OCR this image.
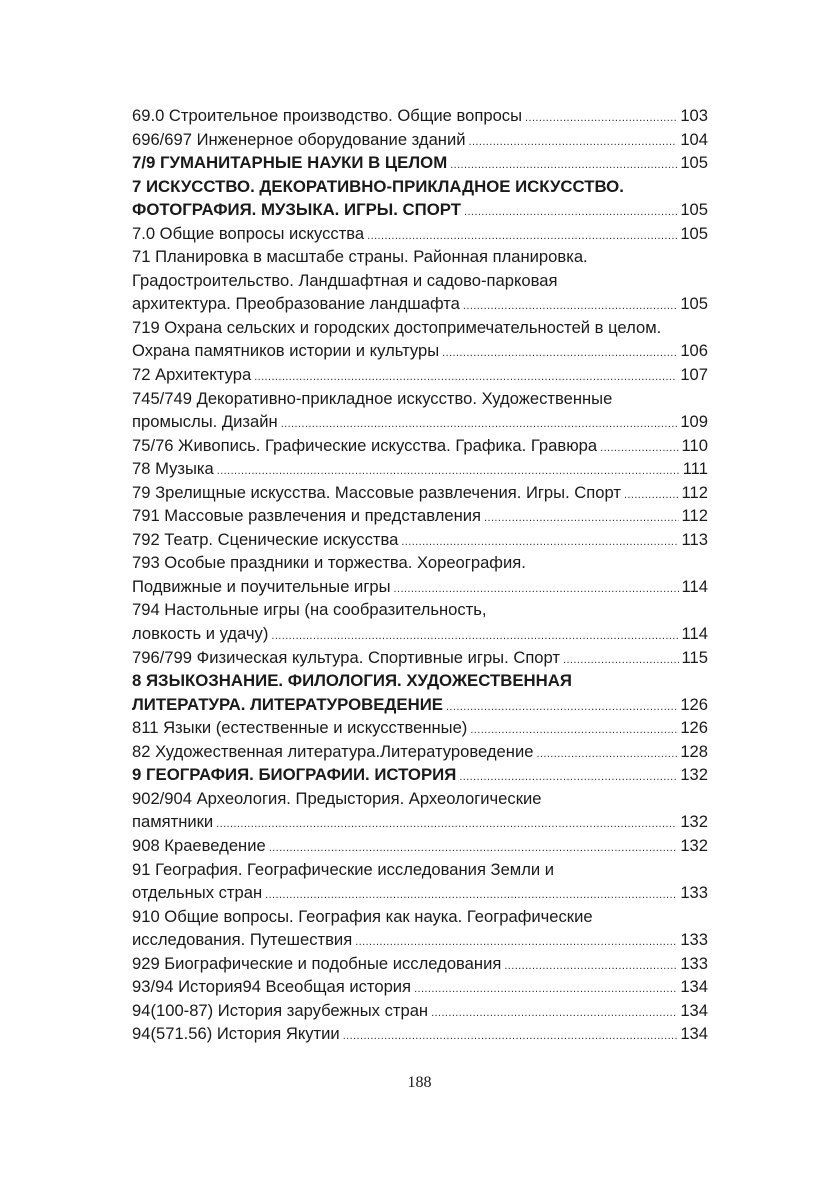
69.0 Строительное производство. Общие вопросы .....	103
696/697 Инженерное оборудование зданий .....	104
7/9 ГУМАНИТАРНЫЕ НАУКИ В ЦЕЛОМ .....	105
7 ИСКУССТВО. ДЕКОРАТИВНО-ПРИКЛАДНОЕ ИСКУССТВО.
ФОТОГРАФИЯ. МУЗЫКА. ИГРЫ. СПОРТ .....	105
7.0 Общие вопросы искусства .....	105
71 Планировка в масштабе страны. Районная планировка.
Градостроительство. Ландшафтная и садово-парковая
архитектура. Преобразование ландшафта .....	105
719 Охрана сельских и городских достопримечательностей в целом.
Охрана памятников истории и культуры .....	106
72 Архитектура .....	107
745/749 Декоративно-прикладное искусство. Художественные
промыслы. Дизайн .....	109
75/76 Живопись. Графические искусства. Графика. Гравюра .....	110
78 Музыка .....	111
79 Зрелищные искусства. Массовые развлечения. Игры. Спорт .....	112
791 Массовые развлечения и представления .....	112
792 Театр. Сценические искусства .....	113
793 Особые праздники и торжества. Хореография.
Подвижные и поучительные игры .....	114
794 Настольные игры (на сообразительность,
ловкость и удачу) .....	114
796/799 Физическая культура. Спортивные игры. Спорт .....	115
8 ЯЗЫКОЗНАНИЕ. ФИЛОЛОГИЯ. ХУДОЖЕСТВЕННАЯ
ЛИТЕРАТУРА. ЛИТЕРАТУРОВЕДЕНИЕ .....	126
811 Языки (естественные и искусственные) .....	126
82 Художественная литература.Литературоведение .....	128
9 ГЕОГРАФИЯ. БИОГРАФИИ. ИСТОРИЯ .....	132
902/904 Археология. Предыстория. Археологические
памятники .....	132
908 Краеведение .....	132
91 География. Географические исследования Земли и
отдельных стран .....	133
910 Общие вопросы. География как наука. Географические
исследования. Путешествия .....	133
929 Биографические и подобные исследования .....	133
93/94 История94 Всеобщая история .....	134
94(100-87) История зарубежных стран .....	134
94(571.56) История Якутии .....	134
188
